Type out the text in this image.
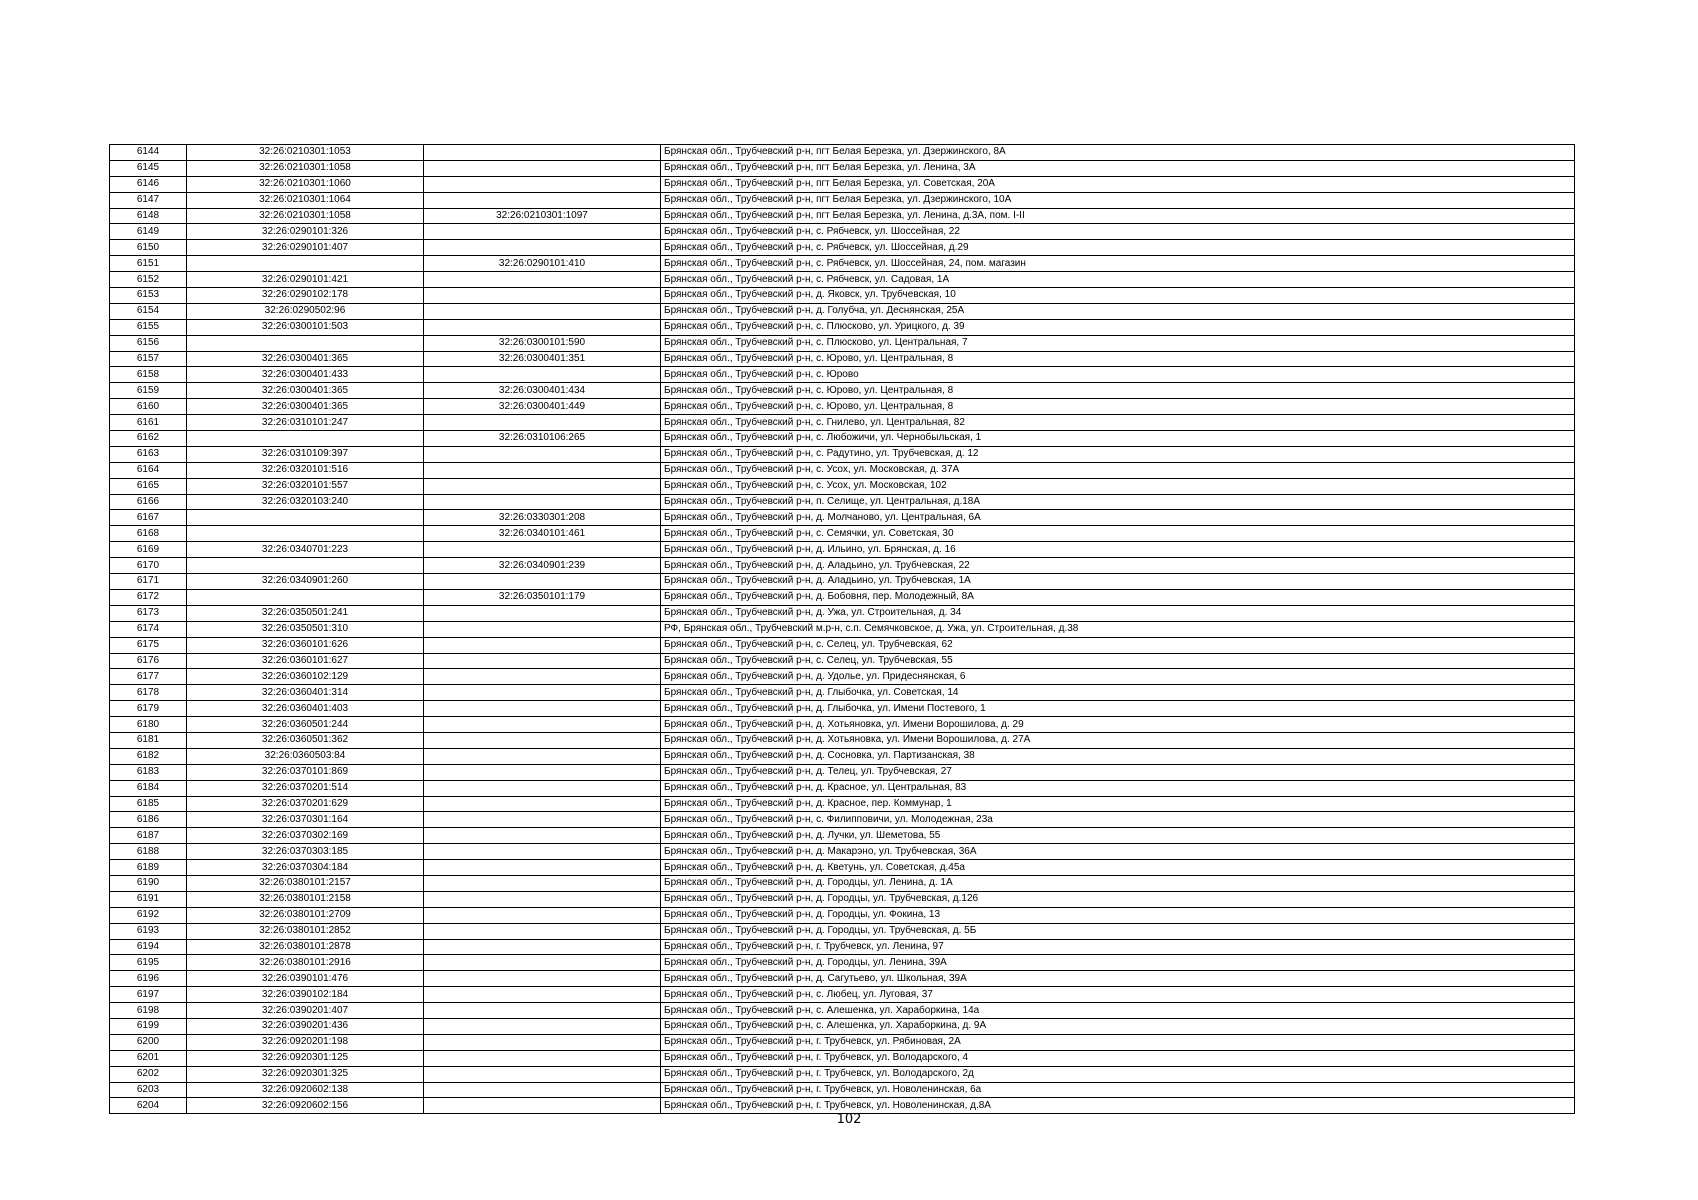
6144	32:26:0210301:1053		Брянская обл., Трубчевский р-н, пгт Белая Березка, ул. Дзержинского, 8А
6145	32:26:0210301:1058		Брянская обл., Трубчевский р-н, пгт Белая Березка, ул. Ленина, 3А
6146	32:26:0210301:1060		Брянская обл., Трубчевский р-н, пгт Белая Березка, ул. Советская, 20А
6147	32:26:0210301:1064		Брянская обл., Трубчевский р-н, пгт Белая Березка, ул. Дзержинского, 10А
6148	32:26:0210301:1058	32:26:0210301:1097	Брянская обл., Трубчевский р-н, пгт Белая Березка, ул. Ленина, д.3А, пом. I-II
6149	32:26:0290101:326		Брянская обл., Трубчевский р-н, с. Рябчевск, ул. Шоссейная, 22
6150	32:26:0290101:407		Брянская обл., Трубчевский р-н, с. Рябчевск, ул. Шоссейная, д.29
6151		32:26:0290101:410	Брянская обл., Трубчевский р-н, с. Рябчевск, ул. Шоссейная, 24, пом. магазин
6152	32:26:0290101:421		Брянская обл., Трубчевский р-н, с. Рябчевск, ул. Садовая, 1А
6153	32:26:0290102:178		Брянская обл., Трубчевский р-н, д. Яковск, ул. Трубчевская, 10
6154	32:26:0290502:96		Брянская обл., Трубчевский р-н, д. Голубча, ул. Деснянская, 25А
6155	32:26:0300101:503		Брянская обл., Трубчевский р-н, с. Плюсково, ул. Урицкого, д. 39
6156		32:26:0300101:590	Брянская обл., Трубчевский р-н, с. Плюсково, ул. Центральная, 7
6157	32:26:0300401:365	32:26:0300401:351	Брянская обл., Трубчевский р-н, с. Юрово, ул. Центральная, 8
6158	32:26:0300401:433		Брянская обл., Трубчевский р-н, с. Юрово
6159	32:26:0300401:365	32:26:0300401:434	Брянская обл., Трубчевский р-н, с. Юрово, ул. Центральная, 8
6160	32:26:0300401:365	32:26:0300401:449	Брянская обл., Трубчевский р-н, с. Юрово, ул. Центральная, 8
6161	32:26:0310101:247		Брянская обл., Трубчевский р-н, с. Гнилево, ул. Центральная, 82
6162		32:26:0310106:265	Брянская обл., Трубчевский р-н, с. Любожичи, ул. Чернобыльская, 1
6163	32:26:0310109:397		Брянская обл., Трубчевский р-н, с. Радутино, ул. Трубчевская, д. 12
6164	32:26:0320101:516		Брянская обл., Трубчевский р-н, с. Усох, ул. Московская, д. 37А
6165	32:26:0320101:557		Брянская обл., Трубчевский р-н, с. Усох, ул. Московская, 102
6166	32:26:0320103:240		Брянская обл., Трубчевский р-н, п. Селище, ул. Центральная, д.18А
6167		32:26:0330301:208	Брянская обл., Трубчевский р-н, д. Молчаново, ул. Центральная, 6А
6168		32:26:0340101:461	Брянская обл., Трубчевский р-н, с. Семячки, ул. Советская, 30
6169	32:26:0340701:223		Брянская обл., Трубчевский р-н, д. Ильино, ул. Брянская, д. 16
6170		32:26:0340901:239	Брянская обл., Трубчевский р-н, д. Аладьино, ул. Трубчевская, 22
6171	32:26:0340901:260		Брянская обл., Трубчевский р-н, д. Аладьино, ул. Трубчевская, 1А
6172		32:26:0350101:179	Брянская обл., Трубчевский р-н, д. Бобовня, пер. Молодежный, 8А
6173	32:26:0350501:241		Брянская обл., Трубчевский р-н, д. Ужа, ул. Строительная, д. 34
6174	32:26:0350501:310		РФ, Брянская обл., Трубчевский м.р-н, с.п. Семячковское, д. Ужа, ул. Строительная, д.38
6175	32:26:0360101:626		Брянская обл., Трубчевский р-н, с. Селец, ул. Трубчевская, 62
6176	32:26:0360101:627		Брянская обл., Трубчевский р-н, с. Селец, ул. Трубчевская, 55
6177	32:26:0360102:129		Брянская обл., Трубчевский р-н, д. Удолье, ул. Придеснянская, 6
6178	32:26:0360401:314		Брянская обл., Трубчевский р-н, д. Глыбочка, ул. Советская, 14
6179	32:26:0360401:403		Брянская обл., Трубчевский р-н, д. Глыбочка, ул. Имени Постевого, 1
6180	32:26:0360501:244		Брянская обл., Трубчевский р-н, д. Хотьяновка, ул. Имени Ворошилова, д. 29
6181	32:26:0360501:362		Брянская обл., Трубчевский р-н, д. Хотьяновка, ул. Имени Ворошилова, д. 27А
6182	32:26:0360503:84		Брянская обл., Трубчевский р-н, д. Сосновка, ул. Партизанская, 38
6183	32:26:0370101:869		Брянская обл., Трубчевский р-н, д. Телец, ул. Трубчевская, 27
6184	32:26:0370201:514		Брянская обл., Трубчевский р-н, д. Красное, ул. Центральная, 83
6185	32:26:0370201:629		Брянская обл., Трубчевский р-н, д. Красное, пер. Коммунар, 1
6186	32:26:0370301:164		Брянская обл., Трубчевский р-н, с. Филипповичи, ул. Молодежная, 23а
6187	32:26:0370302:169		Брянская обл., Трубчевский р-н, д. Лучки, ул. Шеметова, 55
6188	32:26:0370303:185		Брянская обл., Трубчевский р-н, д. Макарэно, ул. Трубчевская, 36А
6189	32:26:0370304:184		Брянская обл., Трубчевский р-н, д. Кветунь, ул. Советская, д.45а
6190	32:26:0380101:2157		Брянская обл., Трубчевский р-н, д. Городцы, ул. Ленина, д. 1А
6191	32:26:0380101:2158		Брянская обл., Трубчевский р-н, д. Городцы, ул. Трубчевская, д.126
6192	32:26:0380101:2709		Брянская обл., Трубчевский р-н, д. Городцы, ул. Фокина, 13
6193	32:26:0380101:2852		Брянская обл., Трубчевский р-н, д. Городцы, ул. Трубчевская, д. 5Б
6194	32:26:0380101:2878		Брянская обл., Трубчевский р-н, г. Трубчевск, ул. Ленина, 97
6195	32:26:0380101:2916		Брянская обл., Трубчевский р-н, д. Городцы, ул. Ленина, 39А
6196	32:26:0390101:476		Брянская обл., Трубчевский р-н, д. Сагутьево, ул. Школьная, 39А
6197	32:26:0390102:184		Брянская обл., Трубчевский р-н, с. Любец, ул. Луговая, 37
6198	32:26:0390201:407		Брянская обл., Трубчевский р-н, с. Алешенка, ул. Хараборкина, 14а
6199	32:26:0390201:436		Брянская обл., Трубчевский р-н, с. Алешенка, ул. Хараборкина, д. 9А
6200	32:26:0920201:198		Брянская обл., Трубчевский р-н, г. Трубчевск, ул. Рябиновая, 2А
6201	32:26:0920301:125		Брянская обл., Трубчевский р-н, г. Трубчевск, ул. Володарского, 4
6202	32:26:0920301:325		Брянская обл., Трубчевский р-н, г. Трубчевск, ул. Володарского, 2д
6203	32:26:0920602:138		Брянская обл., Трубчевский р-н, г. Трубчевск, ул. Новоленинская, 6а
6204	32:26:0920602:156		Брянская обл., Трубчевский р-н, г. Трубчевск, ул. Новоленинская, д.8А
102
